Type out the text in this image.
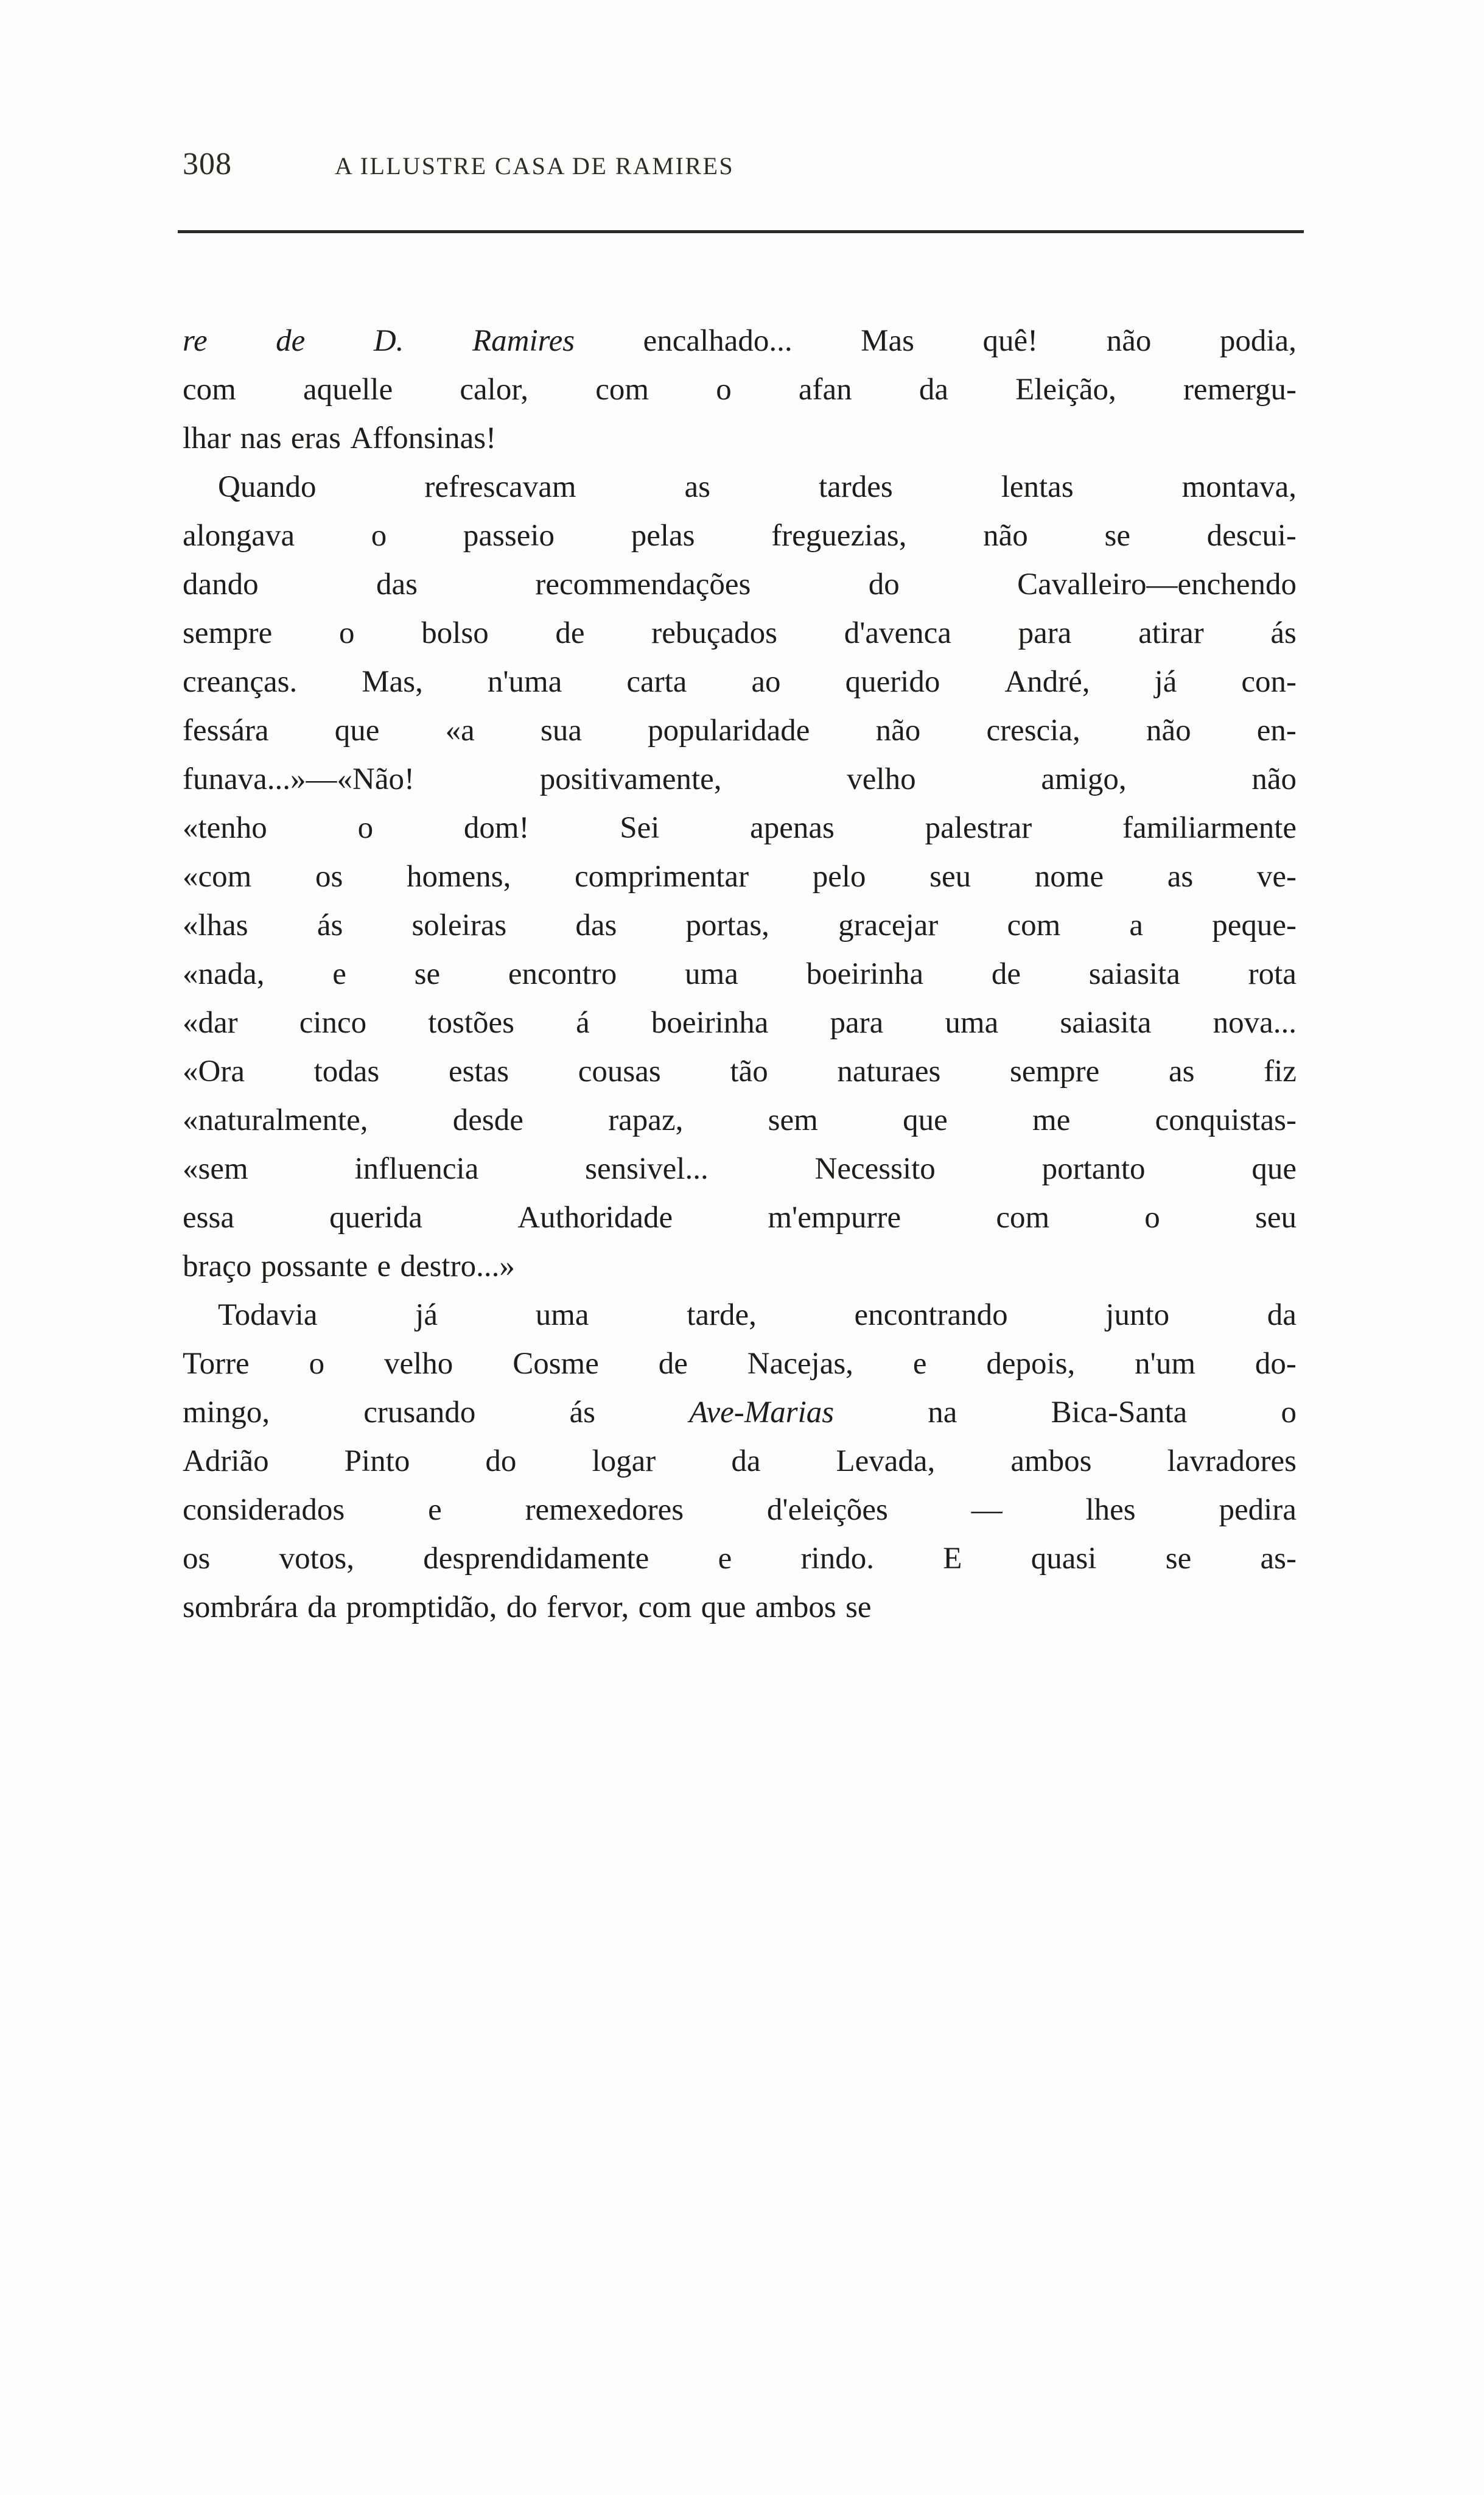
308	A ILLUSTRE CASA DE RAMIRES
re de D. Ramires encalhado... Mas quê! não podia,
com aquelle calor, com o afan da Eleição, remergu-
lhar nas eras Affonsinas!
Quando	refrescavam	as	tardes	lentas	montava,
alongava o passeio pelas freguezias, não se descui-
dando	das	recommendações	do	Cavalleiro—enchendo
sempre o bolso de rebuçados d'avenca para atirar ás
creanças. Mas, n'uma carta ao querido André, já con-
fessára que «a sua popularidade não crescia, não en-
funava...»—«Não!	positivamente,	velho	amigo,	não
«tenho	o	dom!	Sei	apenas	palestrar	familiarmente
«com os homens, comprimentar pelo seu nome as ve-
«lhas ás soleiras das portas, gracejar com a peque-
«nada, e se encontro uma boeirinha de saiasita rota
«dar cinco tostões á boeirinha para uma saiasita nova...
«Ora todas estas cousas tão naturaes sempre as fiz
«naturalmente,	desde	rapaz,	sem	que	me	conquistas-
«sem	influencia	sensivel...	Necessito	portanto	que
essa	querida	Authoridade	m'empurre	com	o	seu
braço possante e destro...»
Todavia	já	uma	tarde,	encontrando	junto	da
Torre o velho Cosme de Nacejas, e depois, n'um do-
mingo,	crusando	ás	Ave-Marias	na	Bica-Santa	o
Adrião Pinto do logar da Levada, ambos lavradores
considerados	e	remexedores	d'eleições	—	lhes	pedira
os votos, desprendidamente e rindo. E quasi se as-
sombrára da promptidão, do fervor, com que ambos se
